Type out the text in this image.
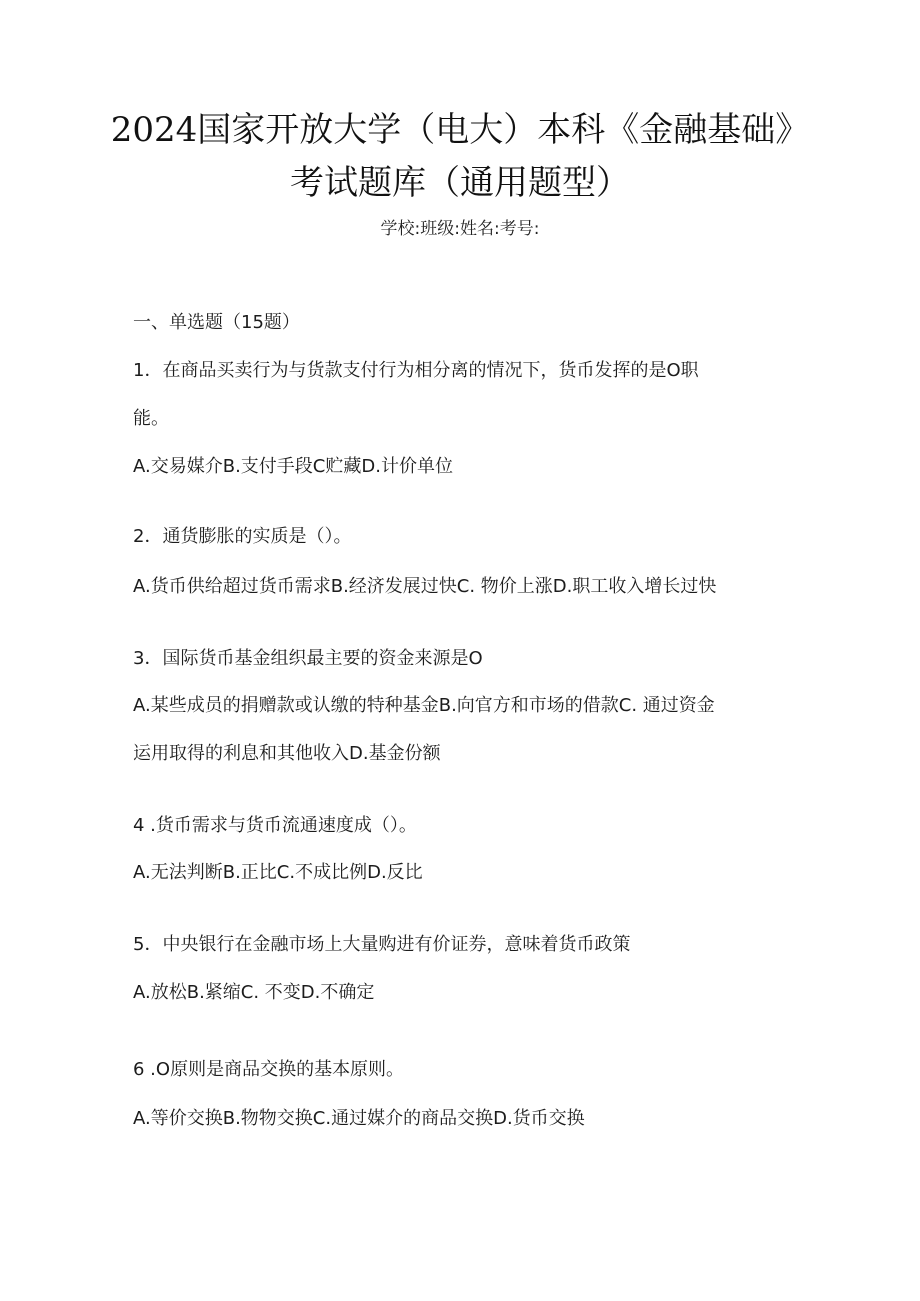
2024国家开放大学（电大）本科《金融基础》
考试题库（通用题型）
学校:班级:姓名:考号:
一、单选题（15题）
1．在商品买卖行为与货款支付行为相分离的情况下，货币发挥的是O职
能。
A.交易媒介B.支付手段C贮藏D.计价单位
2．通货膨胀的实质是（）。
A.货币供给超过货币需求B.经济发展过快C. 物价上涨D.职工收入增长过快
3．国际货币基金组织最主要的资金来源是O
A.某些成员的捐赠款或认缴的特种基金B.向官方和市场的借款C. 通过资金
运用取得的利息和其他收入D.基金份额
4 .货币需求与货币流通速度成（）。
A.无法判断B.正比C.不成比例D.反比
5．中央银行在金融市场上大量购进有价证券，意味着货币政策
A.放松B.紧缩C. 不变D.不确定
6 .O原则是商品交换的基本原则。
A.等价交换B.物物交换C.通过媒介的商品交换D.货币交换
